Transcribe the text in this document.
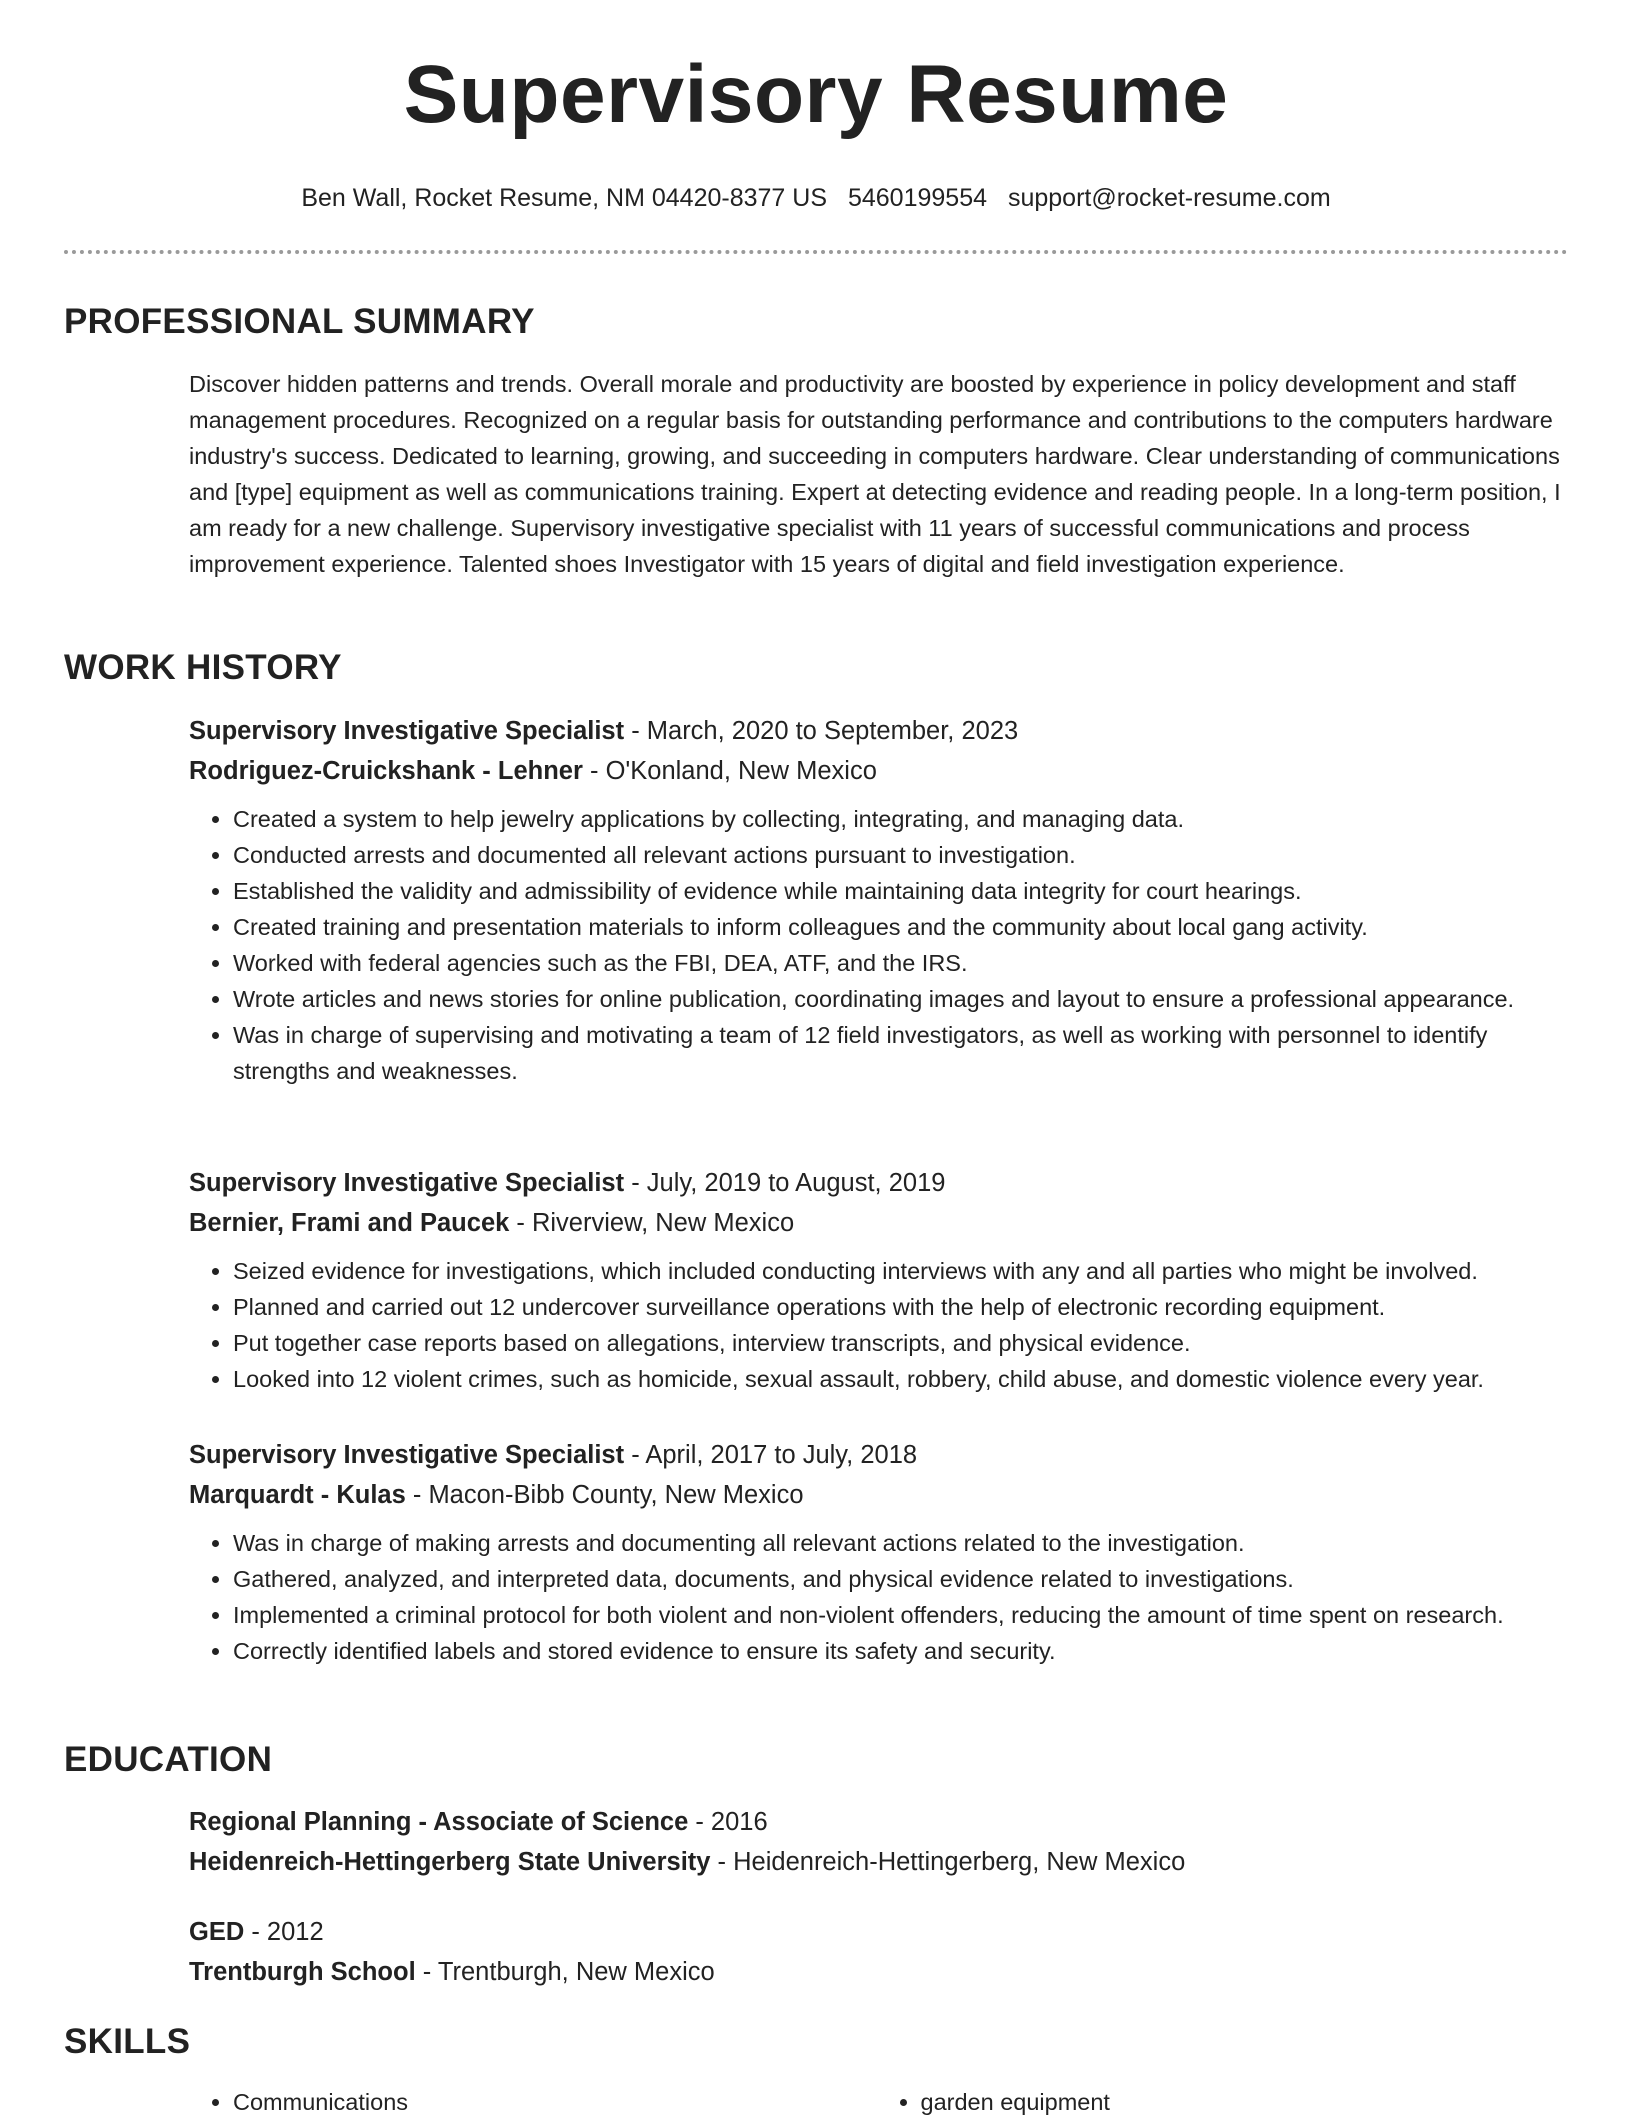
Supervisory Resume
Ben Wall, Rocket Resume, NM 04420-8377 US 5460199554 support@rocket-resume.com
PROFESSIONAL SUMMARY

Discover hidden patterns and trends. Overall morale and productivity are boosted by experience in policy development and staff management procedures. Recognized on a regular basis for outstanding performance and contributions to the computers hardware industry's success. Dedicated to learning, growing, and succeeding in computers hardware. Clear understanding of communications and [type] equipment as well as communications training. Expert at detecting evidence and reading people. In a long-term position, I am ready for a new challenge. Supervisory investigative specialist with 11 years of successful communications and process improvement experience. Talented shoes Investigator with 15 years of digital and field investigation experience.

WORK HISTORY

Supervisory Investigative Specialist - March, 2020 to September, 2023

Rodriguez-Cruickshank - Lehner - O'Konland, New Mexico

• Created a system to help jewelry applications by collecting, integrating, and managing data.
• Conducted arrests and documented all relevant actions pursuant to investigation.
• Established the validity and admissibility of evidence while maintaining data integrity for court hearings.
• Created training and presentation materials to inform colleagues and the community about local gang activity.
• Worked with federal agencies such as the FBI, DEA, ATF, and the IRS.
• Wrote articles and news stories for online publication, coordinating images and layout to ensure a professional appearance.
• Was in charge of supervising and motivating a team of 12 field investigators, as well as working with personnel to identify strengths and weaknesses.

Supervisory Investigative Specialist - July, 2019 to August, 2019

Bernier, Frami and Paucek - Riverview, New Mexico

• Seized evidence for investigations, which included conducting interviews with any and all parties who might be involved.
• Planned and carried out 12 undercover surveillance operations with the help of electronic recording equipment.
• Put together case reports based on allegations, interview transcripts, and physical evidence.
• Looked into 12 violent crimes, such as homicide, sexual assault, robbery, child abuse, and domestic violence every year.

Supervisory Investigative Specialist - April, 2017 to July, 2018

Marquardt - Kulas - Macon-Bibb County, New Mexico

• Was in charge of making arrests and documenting all relevant actions related to the investigation.
• Gathered, analyzed, and interpreted data, documents, and physical evidence related to investigations.
• Implemented a criminal protocol for both violent and non-violent offenders, reducing the amount of time spent on research.
• Correctly identified labels and stored evidence to ensure its safety and security.
EDUCATION

Regional Planning - Associate of Science - 2016

Heidenreich-Hettingerberg State University - Heidenreich-Hettingerberg, New Mexico

GED - 2012

Trentburgh School - Trentburgh, New Mexico

SKILLS
• Communications
•	garden equipment
